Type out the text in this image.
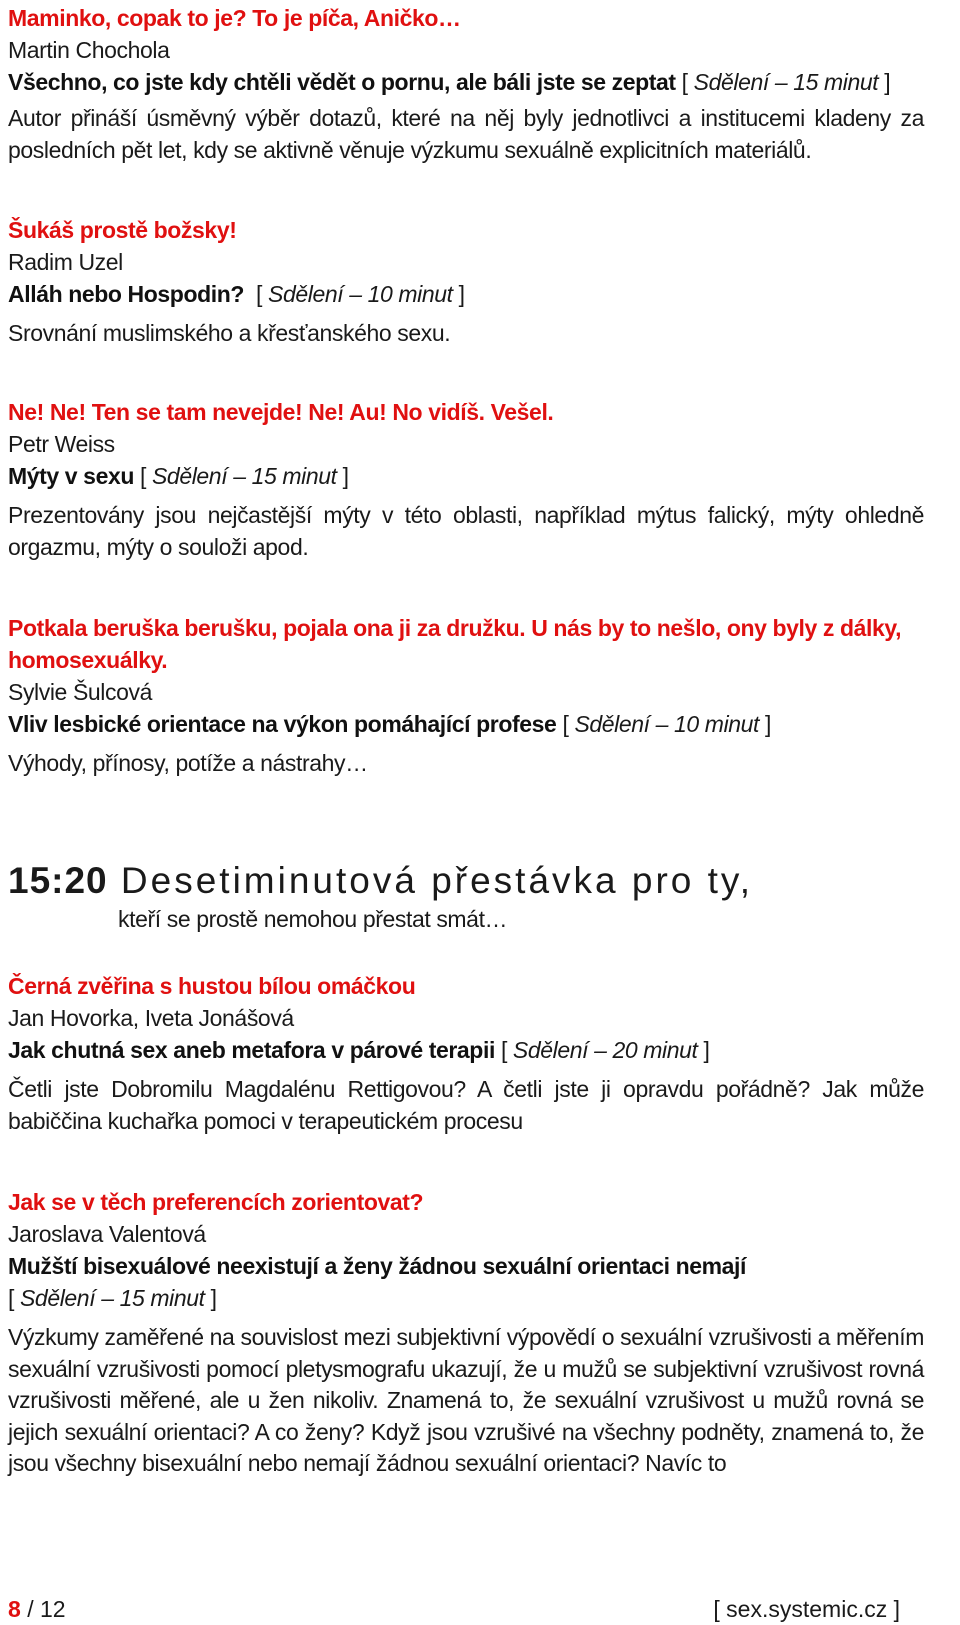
Maminko, copak to je? To je píča, Aničko…
Martin Chochola
Všechno, co jste kdy chtěli vědět o pornu, ale báli jste se zeptat [ Sdělení – 15 minut ]
Autor přináší úsměvný výběr dotazů, které na něj byly jednotlivci a institucemi kladeny za posledních pět let, kdy se aktivně věnuje výzkumu sexuálně explicitních materiálů.
Šukáš prostě božsky!
Radim Uzel
Alláh nebo Hospodin?  [ Sdělení – 10 minut ]
Srovnání muslimského a křesťanského sexu.
Ne! Ne! Ten se tam nevejde! Ne! Au! No vidíš. Vešel.
Petr Weiss
Mýty v sexu [ Sdělení – 15 minut ]
Prezentovány jsou nejčastější mýty v této oblasti, například mýtus falický, mýty ohledně orgazmu, mýty o souloži apod.
Potkala beruška berušku, pojala ona ji za družku. U nás by to nešlo, ony byly z dálky,
homosexuálky.
Sylvie Šulcová
Vliv lesbické orientace na výkon pomáhající profese [ Sdělení – 10 minut ]
Výhody, přínosy, potíže a nástrahy…
15:20 Desetiminutová přestávka pro ty,
kteří se prostě nemohou přestat smát…
Černá zvěřina s hustou bílou omáčkou
Jan Hovorka, Iveta Jonášová
Jak chutná sex aneb metafora v párové terapii [ Sdělení – 20 minut ]
Četli jste Dobromilu Magdalénu Rettigovou? A četli jste ji opravdu pořádně? Jak může babiččina kuchařka pomoci v terapeutickém procesu
Jak se v těch preferencích zorientovat?
Jaroslava Valentová
Mužští bisexuálové neexistují a ženy žádnou sexuální orientaci nemají
[ Sdělení – 15 minut ]
Výzkumy zaměřené na souvislost mezi subjektivní výpovědí o sexuální vzrušivosti a měřením sexuální vzrušivosti pomocí pletysmografu ukazují, že u mužů se subjektivní vzrušivost rovná vzrušivosti měřené, ale u žen nikoliv. Znamená to, že sexuální vzrušivost u mužů rovná se jejich sexuální orientaci? A co ženy? Když jsou vzrušivé na všechny podněty, znamená to, že jsou všechny bisexuální nebo nemají žádnou sexuální orientaci? Navíc to
8 / 12	[ sex.systemic.cz ]
